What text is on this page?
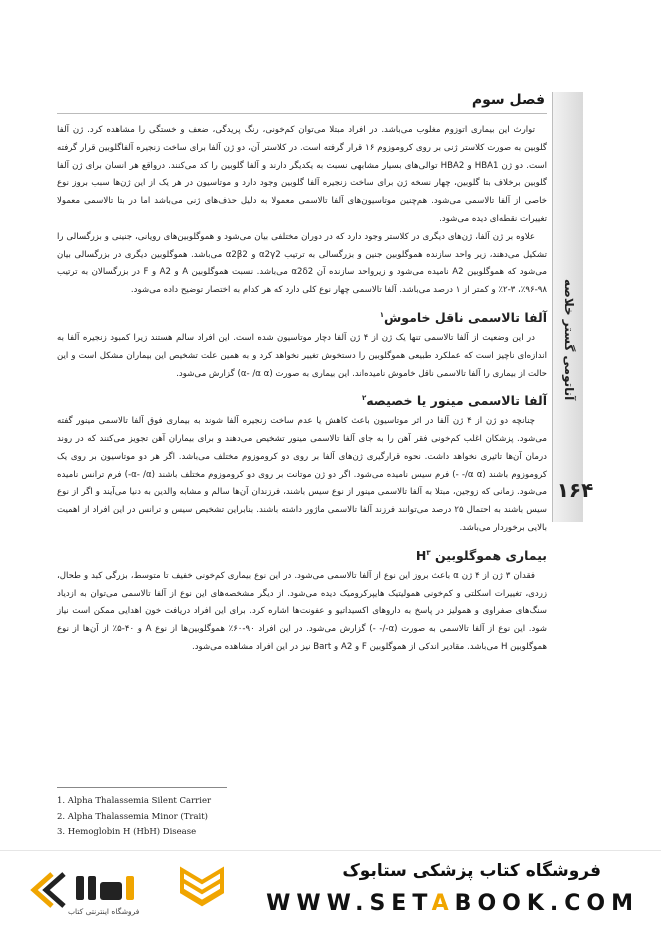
آناتومی گستر خلاصه
۱۶۴
فصل سوم

توارث این بیماری اتوزوم مغلوب می‌باشد. در افراد مبتلا می‌توان کم‌خونی، رنگ پریدگی، ضعف و خستگی را مشاهده کرد. ژن آلفا گلوبین به صورت کلاستر ژنی بر روی کروموزوم ۱۶ قرار گرفته است. در کلاستر آن، دو ژن آلفا برای ساخت زنجیره آلفاگلوبین قرار گرفته است. دو ژن HBA1 و HBA2 توالی‌های بسیار مشابهی نسبت به یکدیگر دارند و آلفا گلوبین را کد می‌کنند. درواقع هر انسان برای ژن آلفا گلوبین برخلاف بتا گلوبین، چهار نسخه ژن برای ساخت زنجیره آلفا گلوبین وجود دارد و موتاسیون در هر یک از این ژن‌ها سبب بروز نوع خاصی از آلفا تالاسمی می‌شود. هم‌چنین موتاسیون‌های آلفا تالاسمی معمولا به دلیل حذف‌های ژنی می‌باشد اما در بتا تالاسمی معمولا تغییرات نقطه‌ای دیده می‌شود.

علاوه بر ژن آلفا، ژن‌های دیگری در کلاستر وجود دارد که در دوران مختلفی بیان می‌شود و هموگلوبین‌های رویانی، جنینی و بزرگسالی را تشکیل می‌دهند، زیر واحد سازنده هموگلوبین جنین و بزرگسالی به ترتیب α2γ2 و α2β2 می‌باشد. هموگلوبین دیگری در بزرگسالی بیان می‌شود که هموگلوبین A2 نامیده می‌شود و زیرواحد سازنده آن α2δ2 می‌باشد. نسبت هموگلوبین A و A2 و F در بزرگسالان به ترتیب ۹۸-۹۶٪، ۳-۲٪ و کمتر از ۱ درصد می‌باشد. آلفا تالاسمی چهار نوع کلی دارد که هر کدام به اختصار توضیح داده می‌شود.

آلفا تالاسمی ناقل خاموش$^۱$

در این وضعیت از آلفا تالاسمی تنها یک ژن از ۴ ژن آلفا دچار موتاسیون شده است. این افراد سالم هستند زیرا کمبود زنجیره آلفا به اندازه‌ای ناچیز است که عملکرد طبیعی هموگلوبین را دستخوش تغییر نخواهد کرد و به همین علت تشخیص این بیماران مشکل است و این حالت از بیماری را آلفا تالاسمی ناقل خاموش نامیده‌اند. این بیماری به صورت (α- /α α) گزارش می‌شود.

آلفا تالاسمی مینور یا خصیصه$^۲$

چنانچه دو ژن از ۴ ژن آلفا در اثر موتاسیون باعث کاهش یا عدم ساخت زنجیره آلفا شوند به بیماری فوق آلفا تالاسمی مینور گفته می‌شود. پزشکان اغلب کم‌خونی فقر آهن را به جای آلفا تالاسمی مینور تشخیص می‌دهند و برای بیماران آهن تجویز می‌کنند که در روند درمان آن‌ها تاثیری نخواهد داشت. نحوه قرارگیری ژن‌های آلفا بر روی دو کروموزوم مختلف می‌باشد. اگر هر دو موتاسیون بر روی یک کروموزوم باشند (α α/- -) فرم سیس نامیده می‌شود. اگر دو ژن موتانت بر روی دو کروموزوم مختلف باشند (α- /α-) فرم ترانس نامیده می‌شود. زمانی که زوجین، مبتلا به آلفا تالاسمی مینور از نوع سیس باشند، فرزندان آن‌ها سالم و مشابه والدین به دنیا می‌آیند و اگر از نوع سیس باشند به احتمال ۲۵ درصد می‌توانند فرزند آلفا تالاسمی ماژور داشته باشند. بنابراین تشخیص سیس و ترانس در این افراد از اهمیت بالایی برخوردار می‌باشد.

بیماری هموگلوبین $H^۳$

فقدان ۳ ژن از ۴ ژن α باعث بروز این نوع از آلفا تالاسمی می‌شود. در این نوع بیماری کم‌خونی خفیف تا متوسط، بزرگی کبد و طحال، زردی، تغییرات اسکلتی و کم‌خونی همولیتیک هایپرکرومیک دیده می‌شود. از دیگر مشخصه‌های این نوع از آلفا تالاسمی می‌توان به ازدیاد سنگ‌های صفراوی و همولیز در پاسخ به داروهای اکسیداتیو و عفونت‌ها اشاره کرد. برای این افراد دریافت خون اهدایی ممکن است نیاز شود. این نوع از آلفا تالاسمی به صورت (α-/- -) گزارش می‌شود. در این افراد ۹۰-۶۰٪ هموگلوبین‌ها از نوع A و ۴۰-۵٪ از آن‌ها از نوع هموگلوبین H می‌باشد. مقادیر اندکی از هموگلوبین F و A2 و Bart نیز در این افراد مشاهده می‌شود.

1. Alpha Thalassemia Silent Carrier
2. Alpha Thalassemia Minor (Trait)
3. Hemoglobin H (HbH) Disease
فروشگاه کتاب پزشکی ستابوک
WWW.SETABOOK.COM
فروشگاه اینترنتی کتاب
